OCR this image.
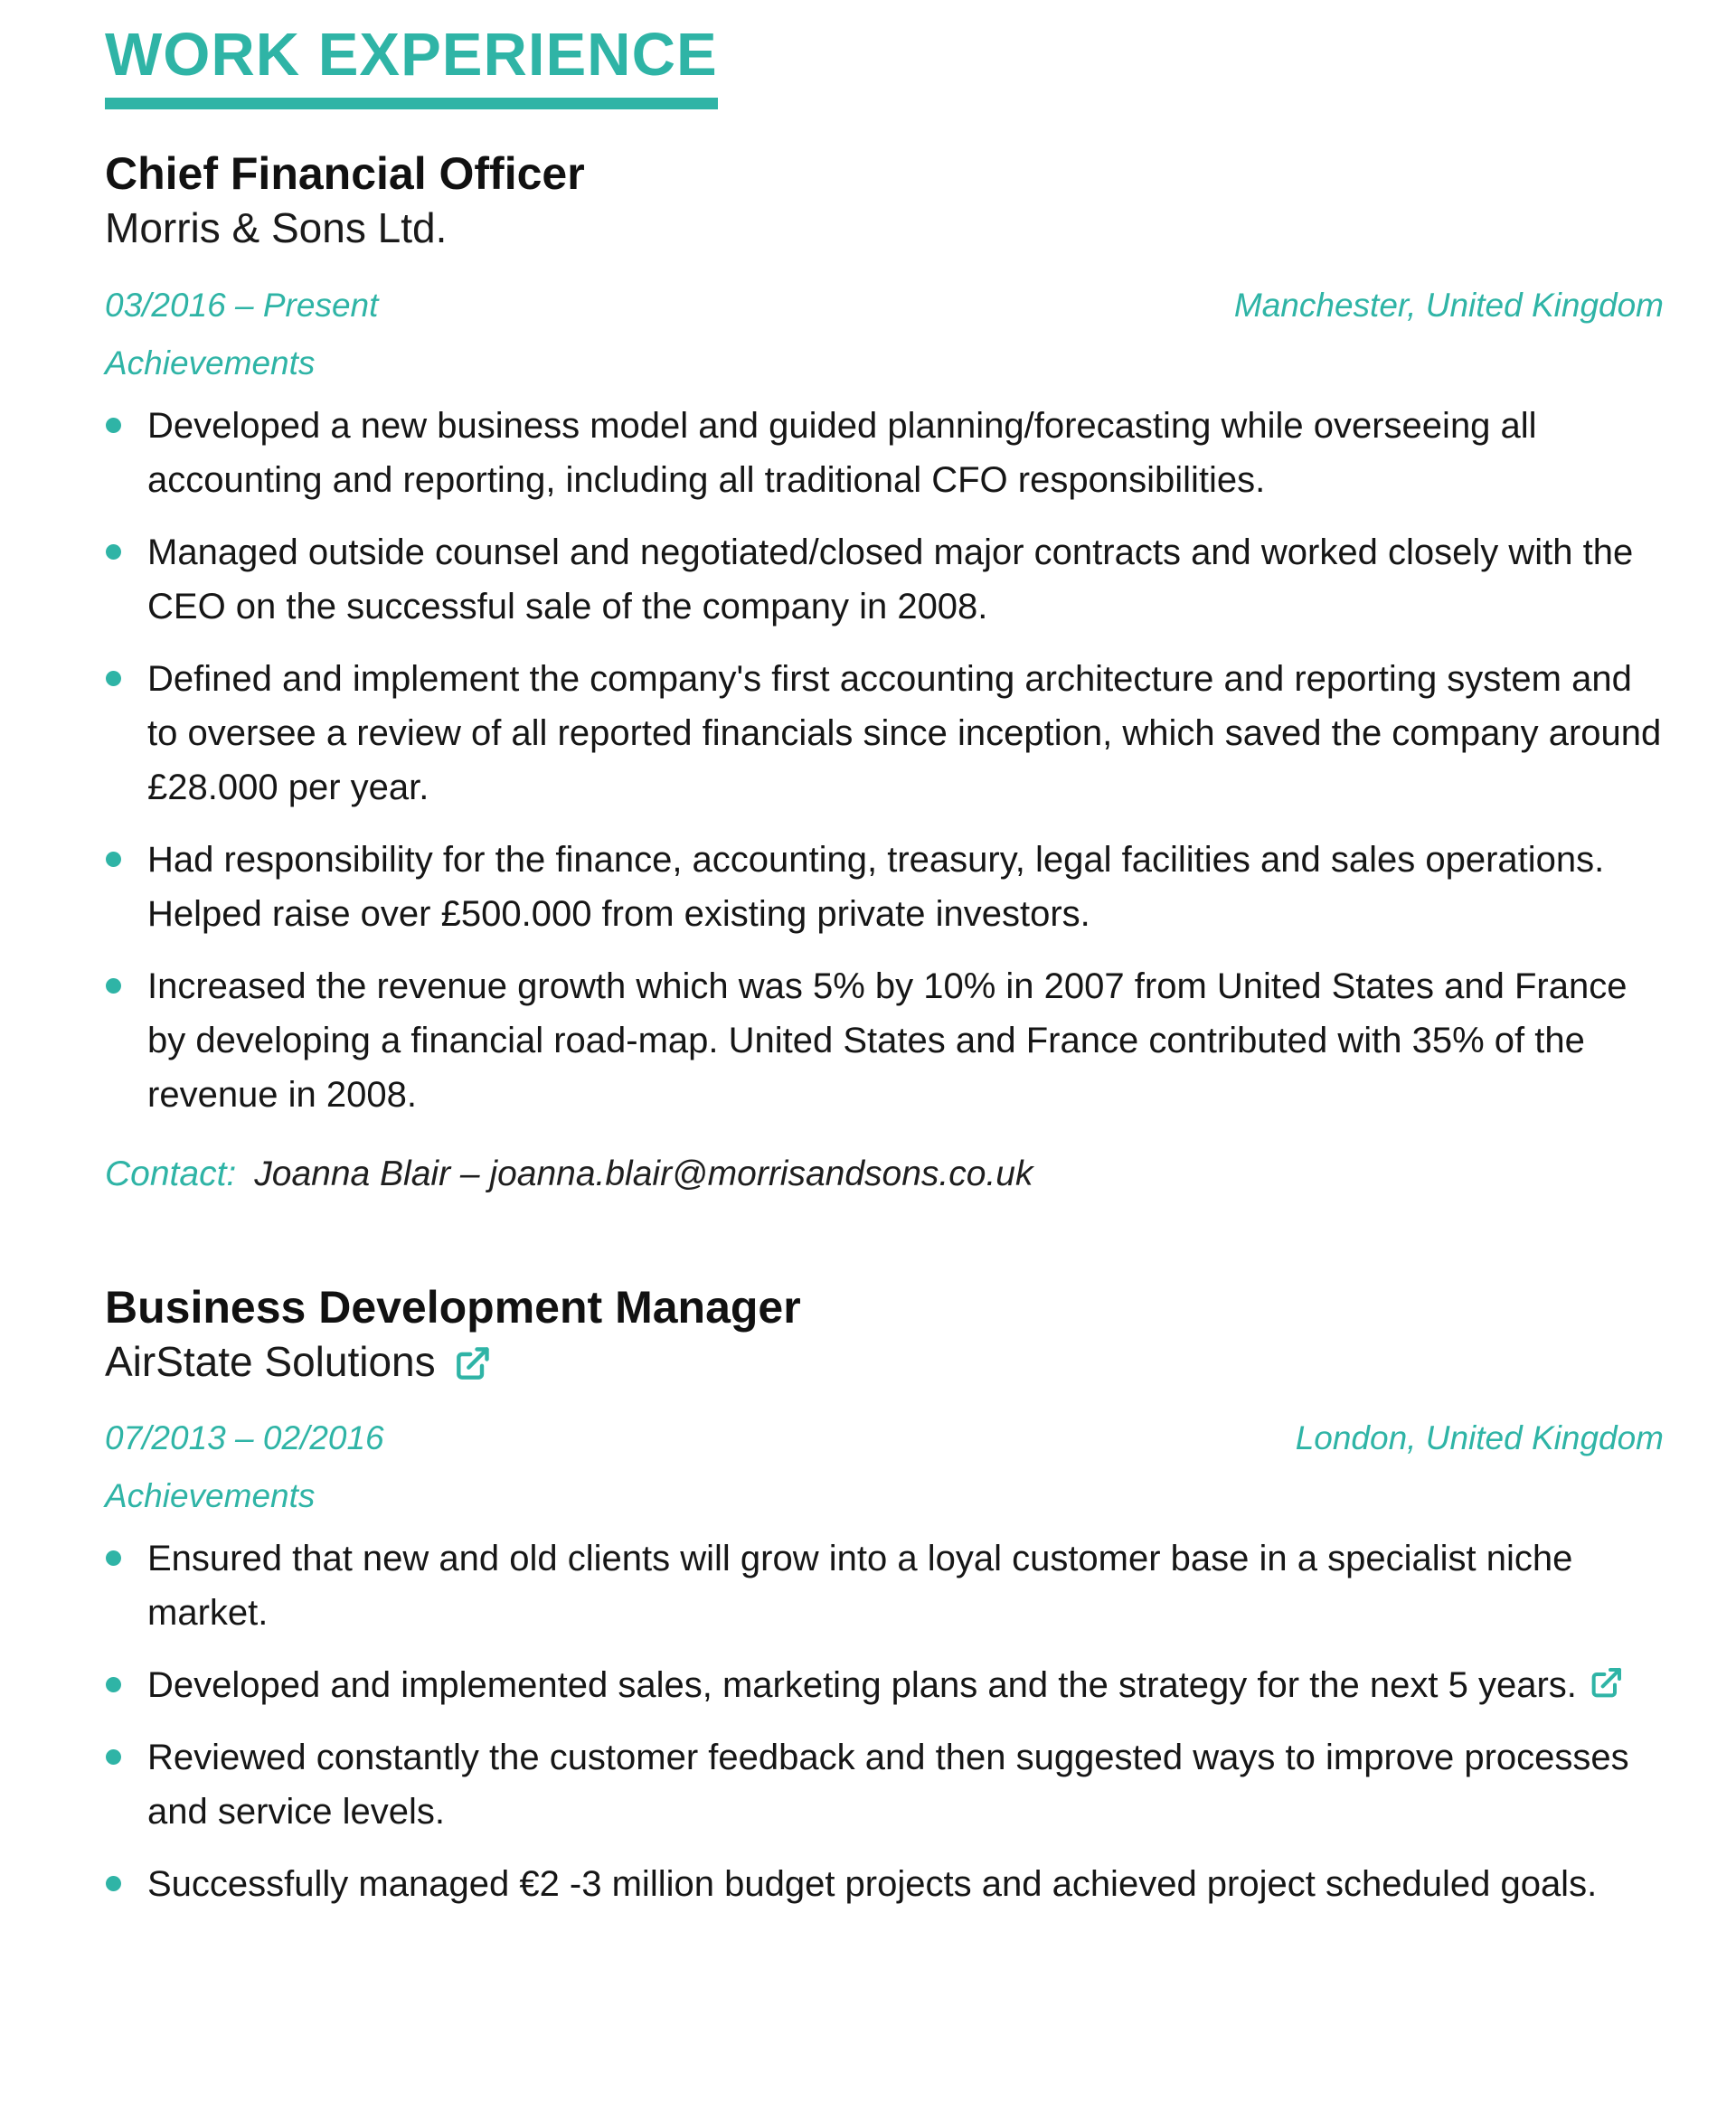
WORK EXPERIENCE
Chief Financial Officer
Morris & Sons Ltd.
03/2016 – Present	Manchester, United Kingdom
Achievements
Developed a new business model and guided planning/forecasting while overseeing all accounting and reporting, including all traditional CFO responsibilities.
Managed outside counsel and negotiated/closed major contracts and worked closely with the CEO on the successful sale of the company in 2008.
Defined and implement the company's first accounting architecture and reporting system and to oversee a review of all reported financials since inception, which saved the company around £28.000 per year.
Had responsibility for the finance, accounting, treasury, legal facilities and sales operations. Helped raise over £500.000 from existing private investors.
Increased the revenue growth which was 5% by 10% in 2007 from United States and France by developing a financial road-map. United States and France contributed with 35% of the revenue in 2008.
Contact: Joanna Blair – joanna.blair@morrisandsons.co.uk
Business Development Manager
AirState Solutions
07/2013 – 02/2016	London, United Kingdom
Achievements
Ensured that new and old clients will grow into a loyal customer base in a specialist niche market.
Developed and implemented sales, marketing plans and the strategy for the next 5 years.
Reviewed constantly the customer feedback and then suggested ways to improve processes and service levels.
Successfully managed €2 -3 million budget projects and achieved project scheduled goals.
